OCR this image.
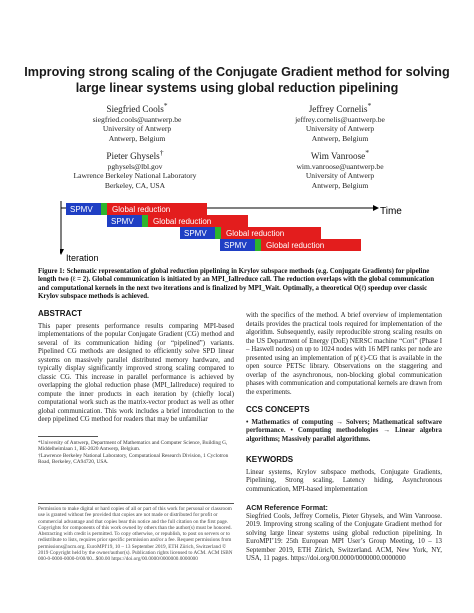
Improving strong scaling of the Conjugate Gradient method for solving large linear systems using global reduction pipelining
Siegfried Cools*
siegfried.cools@uantwerp.be
University of Antwerp
Antwerp, Belgium
Jeffrey Cornelis*
jeffrey.cornelis@uantwerp.be
University of Antwerp
Antwerp, Belgium
Pieter Ghysels†
pghysels@lbl.gov
Lawrence Berkeley National Laboratory
Berkeley, CA, USA
Wim Vanroose*
wim.vanroose@uantwerp.be
University of Antwerp
Antwerp, Belgium
Time
Iteration
SPMV Global reduction
SPMV Global reduction
SPMV Global reduction
SPMV Global reduction
Figure 1: Schematic representation of global reduction pipelining in Krylov subspace methods (e.g. Conjugate Gradients) for pipeline length two (ℓ = 2). Global communication is initiated by an MPI_Iallreduce call. The reduction overlaps with the global communication and computational kernels in the next two iterations and is finalized by MPI_Wait. Optimally, a theoretical O(ℓ) speedup over classic Krylov subspace methods is achieved.
ABSTRACT
This paper presents performance results comparing MPI-based implementations of the popular Conjugate Gradient (CG) method and several of its communication hiding (or “pipelined”) variants. Pipelined CG methods are designed to efficiently solve SPD linear systems on massively parallel distributed memory hardware, and typically display significantly improved strong scaling compared to classic CG. This increase in parallel performance is achieved by overlapping the global reduction phase (MPI_Iallreduce) required to compute the inner products in each iteration by (chiefly local) computational work such as the matrix-vector product as well as other global communication. This work includes a brief introduction to the deep pipelined CG method for readers that may be unfamiliar
*University of Antwerp, Department of Mathematics and Computer Science, Building G, Middelheimlaan 1, BE-2020 Antwerp, Belgium.
†Lawrence Berkeley National Laboratory, Computational Research Division, 1 Cyclotron Road, Berkeley, CA94720, USA.
Permission to make digital or hard copies of all or part of this work for personal or classroom use is granted without fee provided that copies are not made or distributed for profit or commercial advantage and that copies bear this notice and the full citation on the first page. Copyrights for components of this work owned by others than the author(s) must be honored. Abstracting with credit is permitted. To copy otherwise, or republish, to post on servers or to redistribute to lists, requires prior specific permission and/or a fee. Request permissions from permissions@acm.org. EuroMPI'19, 10 – 13 September 2019, ETH Zürich, Switzerland © 2019 Copyright held by the owner/author(s). Publication rights licensed to ACM. ACM ISBN 000-0-0000-0000-0/00/00...$00.00 https://doi.org/00.0000/0000000.0000000
with the specifics of the method. A brief overview of implementation details provides the practical tools required for implementation of the algorithm. Subsequently, easily reproducible strong scaling results on the US Department of Energy (DoE) NERSC machine “Cori” (Phase I – Haswell nodes) on up to 1024 nodes with 16 MPI ranks per node are presented using an implementation of p(ℓ)-CG that is available in the open source PETSc library. Observations on the staggering and overlap of the asynchronous, non-blocking global communication phases with communication and computational kernels are drawn from the experiments.
CCS CONCEPTS
• Mathematics of computing → Solvers; Mathematical software performance. • Computing methodologies → Linear algebra algorithms; Massively parallel algorithms.
KEYWORDS
Linear systems, Krylov subspace methods, Conjugate Gradients, Pipelining, Strong scaling, Latency hiding, Asynchronous communication, MPI-based implementation
ACM Reference Format:
Siegfried Cools, Jeffrey Cornelis, Pieter Ghysels, and Wim Vanroose. 2019. Improving strong scaling of the Conjugate Gradient method for solving large linear systems using global reduction pipelining. In EuroMPI’19: 25th European MPI User’s Group Meeting, 10 – 13 September 2019, ETH Zürich, Switzerland. ACM, New York, NY, USA, 11 pages. https://doi.org/00.0000/0000000.0000000
